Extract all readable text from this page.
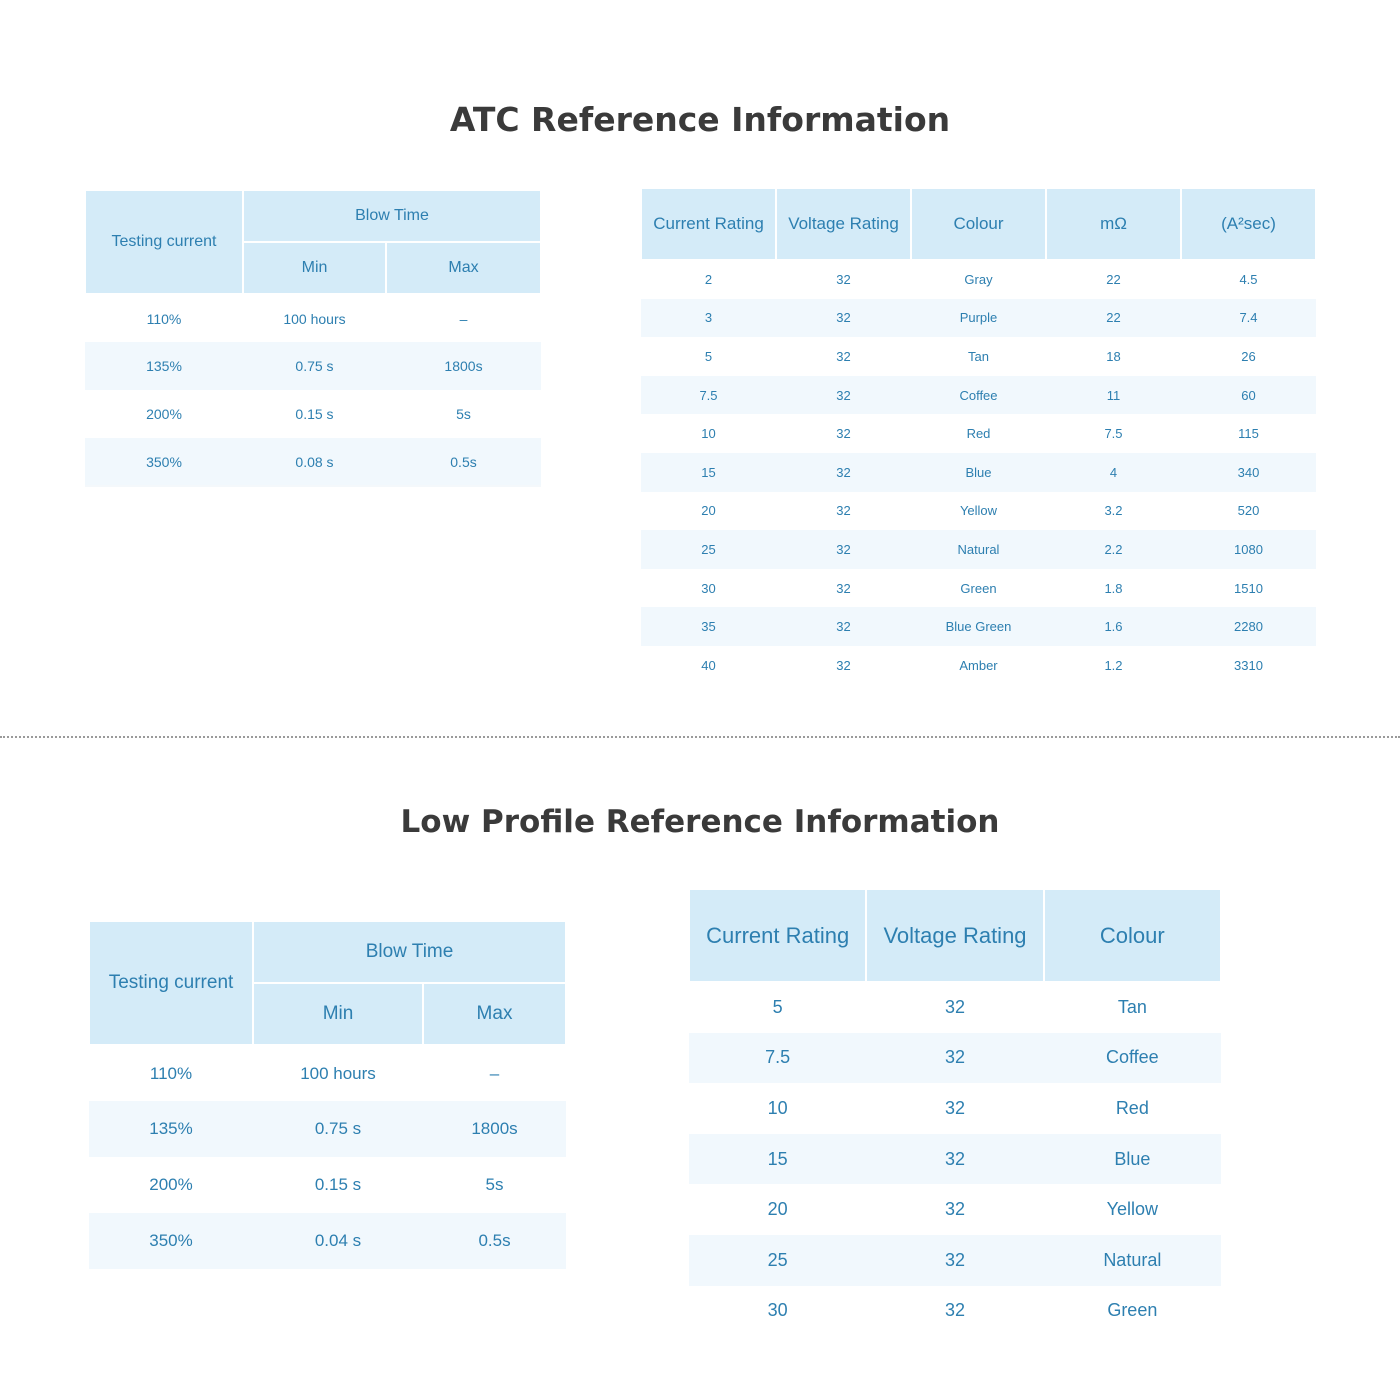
ATC Reference Information
Testing current	Blow Time	
	Min	Max
110%	100 hours	–
135%	0.75 s	1800s
200%	0.15 s	5s
350%	0.08 s	0.5s
Current Rating	Voltage Rating	Colour	mΩ	(A²sec)
2	32	Gray	22	4.5
3	32	Purple	22	7.4
5	32	Tan	18	26
7.5	32	Coffee	11	60
10	32	Red	7.5	115
15	32	Blue	4	340
20	32	Yellow	3.2	520
25	32	Natural	2.2	1080
30	32	Green	1.8	1510
35	32	Blue Green	1.6	2280
40	32	Amber	1.2	3310
Low Profile Reference Information
Testing current	Blow Time	
	Min	Max
110%	100 hours	–
135%	0.75 s	1800s
200%	0.15 s	5s
350%	0.04 s	0.5s
Current Rating	Voltage Rating	Colour
5	32	Tan
7.5	32	Coffee
10	32	Red
15	32	Blue
20	32	Yellow
25	32	Natural
30	32	Green
